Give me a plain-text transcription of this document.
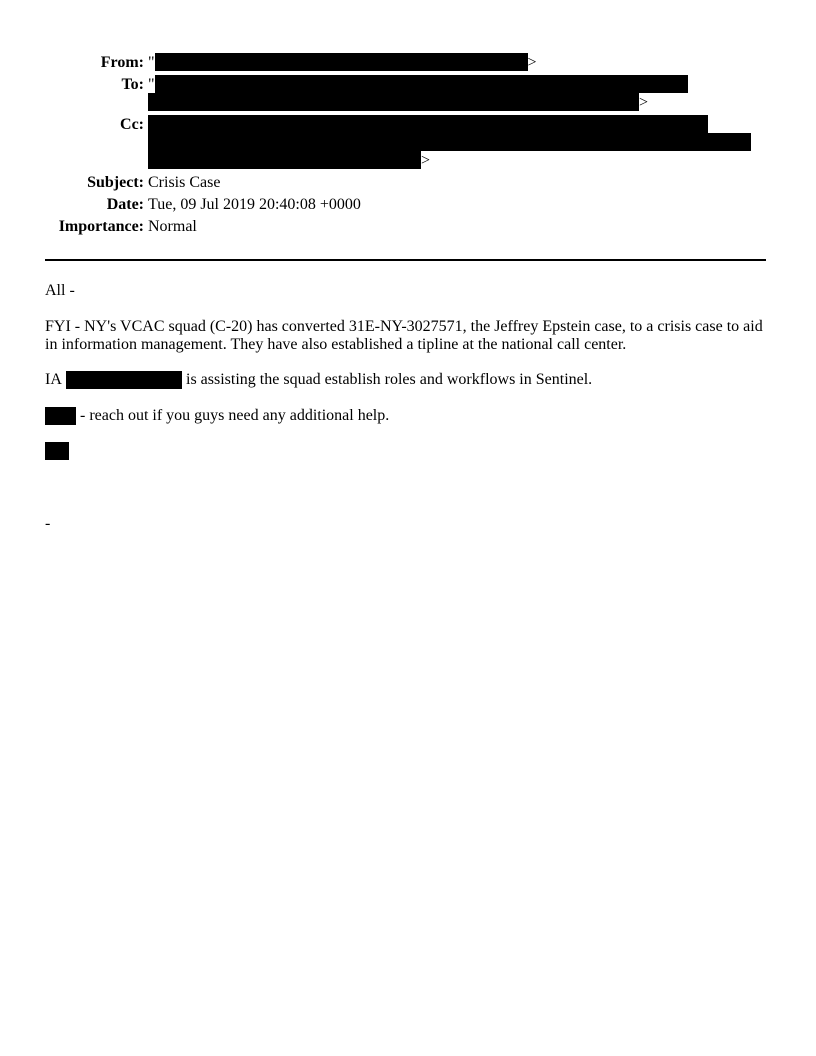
From: "	>
To: "
>
Cc:
>
Subject: Crisis Case
Date: Tue, 09 Jul 2019 20:40:08 +0000
Importance: Normal
All -
FYI - NY's VCAC squad (C-20) has converted 31E-NY-3027571, the Jeffrey Epstein case, to a crisis case to aid
in information management. They have also established a tipline at the national call center.
IA	is assisting the squad establish roles and workflows in Sentinel.
- reach out if you guys need any additional help.
-
